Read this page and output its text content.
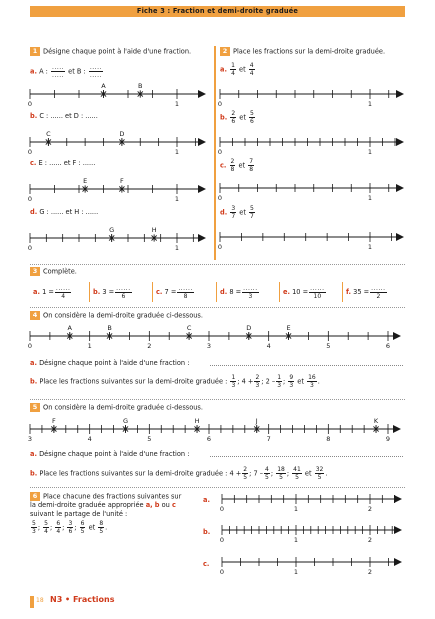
Fiche 3 : Fraction et demi-droite graduée
1 Désigne chaque point à l'aide d'une fraction.
a. A : $\frac{.....}{.....}$ et B : $\frac{.....}{.....}$
b. C : ...... et D : ......
c. E : ...... et F : ......
d. G : ...... et H : ......
2 Place les fractions sur la demi-droite graduée.
a. $\frac{1}{4}$ et $\frac{4}{4}$
b. $\frac{2}{6}$ et $\frac{5}{6}$
c. $\frac{2}{8}$ et $\frac{7}{8}$
d. $\frac{3}{7}$ et $\frac{5}{7}$
3 Complète.
a. $1 = \frac{......}{4}$	b. $3 = \frac{......}{6}$	c. $7 = \frac{......}{8}$	d. $8 = \frac{......}{3}$	e. $10 = \frac{......}{10}$	f. $35 = \frac{......}{2}$
4 On considère la demi-droite graduée ci-dessous.
a. Désigne chaque point à l'aide d'une fraction :
b. Place les fractions suivantes sur la demi-droite graduée : $\frac{1}{3}$ ; $4 + \frac{2}{3}$ ; $2 - \frac{1}{3}$ ; $\frac{9}{3}$ et $\frac{16}{3}$ .
5 On considère la demi-droite graduée ci-dessous.
a. Désigne chaque point à l'aide d'une fraction :
b. Place les fractions suivantes sur la demi-droite graduée : $4 + \frac{2}{5}$ ; $7 - \frac{4}{5}$ ; $\frac{18}{5}$ ; $\frac{41}{5}$ et $\frac{32}{5}$ .
6 Place chacune des fractions suivantes sur
la demi-droite graduée appropriée a, b ou c
suivant le partage de l'unité :
$\frac{5}{3}$ ; $\frac{5}{4}$ ; $\frac{6}{4}$ ; $\frac{3}{6}$ ; $\frac{6}{5}$ et $\frac{8}{5}$ .
a.
b.
c.
0	1
A	B
0	1
C	D
0	1
E	F
0	1
G	H
0	1
0	1
0	1
0	1
0	1	2	3	4	5	6
A	B	C	D	E
3	4	5	6	7	8	9
F	G	H	J	K
0	1	2
0	1	2
0	1	2
18 N3 • Fractions
